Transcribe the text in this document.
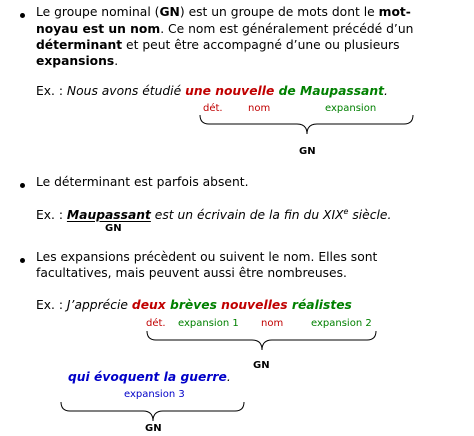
Le groupe nominal (GN) est un groupe de mots dont le mot-
noyau est un nom. Ce nom est généralement précédé d’un
déterminant et peut être accompagné d’une ou plusieurs
expansions.
Ex. : Nous avons étudié une nouvelle de Maupassant.
dét.	nom	expansion
GN
Le déterminant est parfois absent.
Ex. : Maupassant est un écrivain de la fin du XIXe siècle.
GN
Les expansions précèdent ou suivent le nom. Elles sont
facultatives, mais peuvent aussi être nombreuses.
Ex. : J’apprécie deux brèves nouvelles réalistes
dét. expansion 1 nom	expansion 2
GN
qui évoquent la guerre.
expansion 3
GN
